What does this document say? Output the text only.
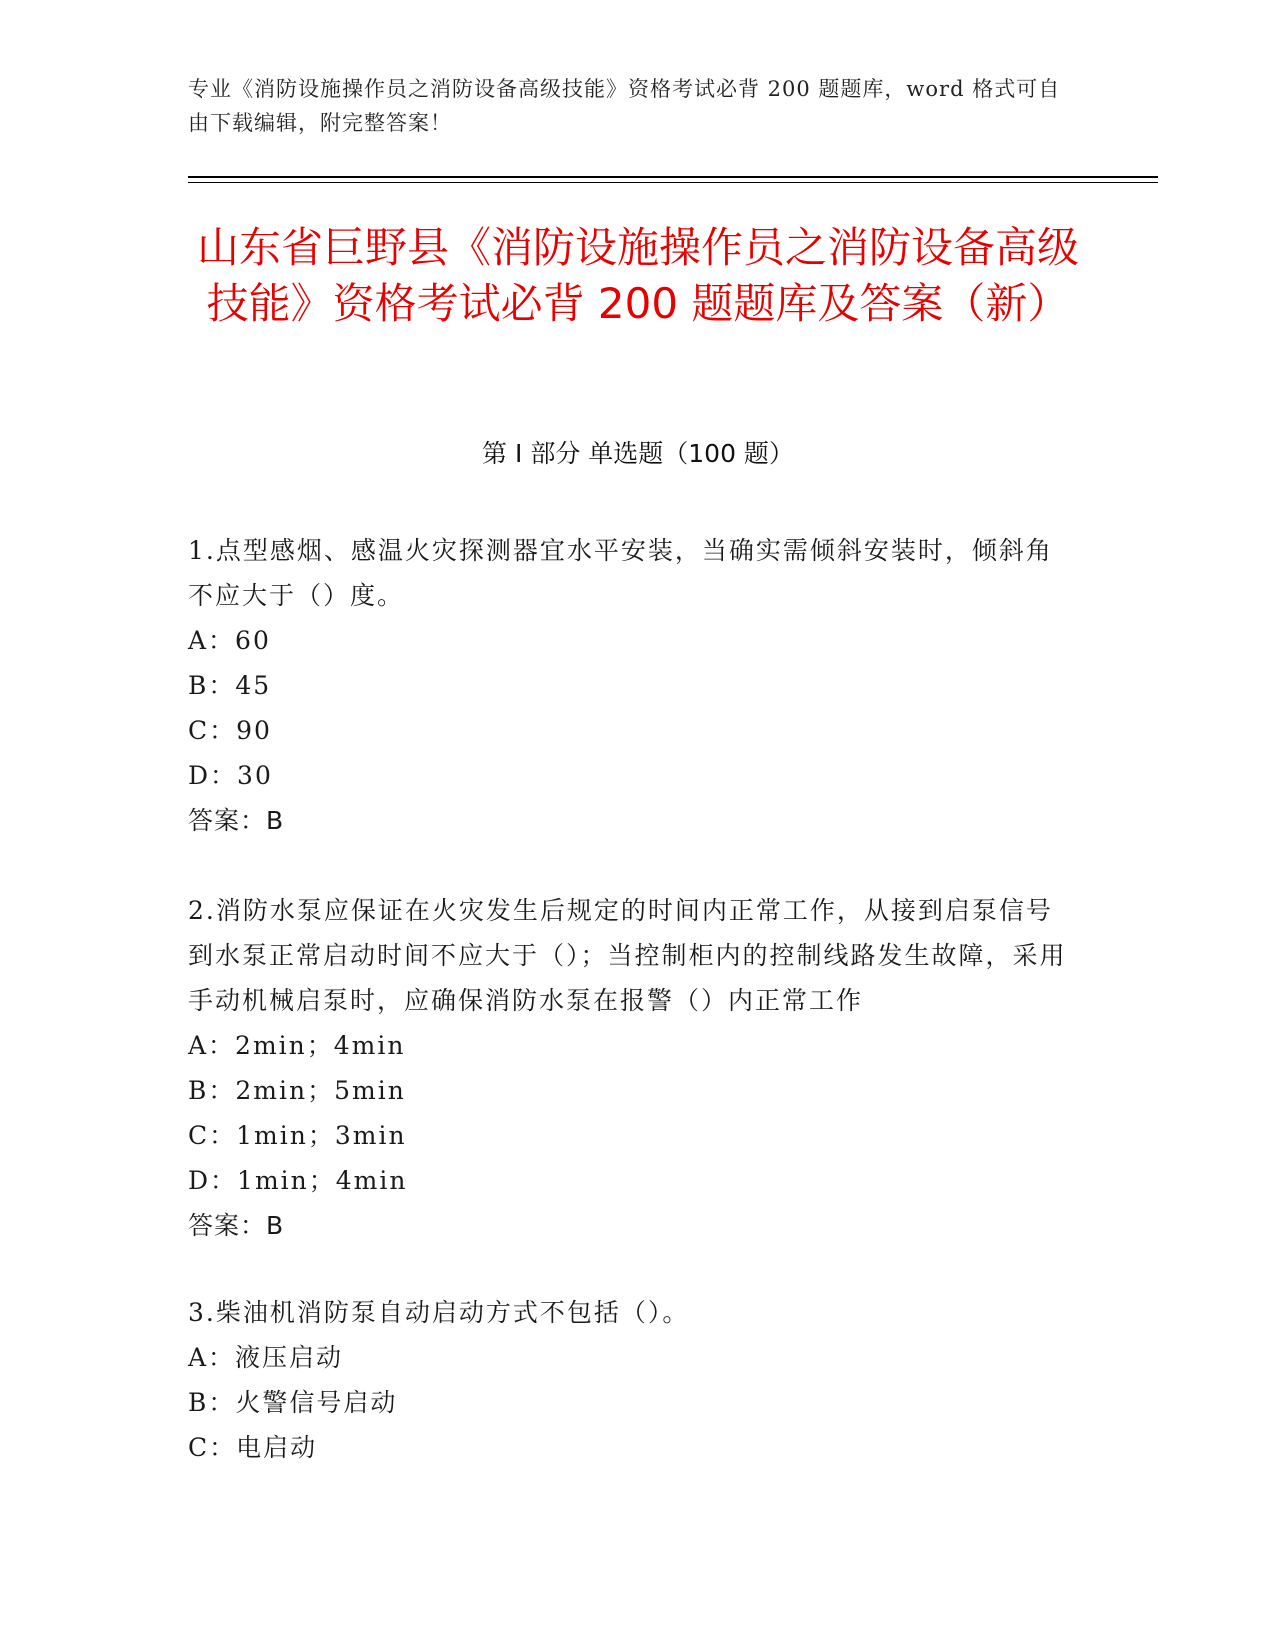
专业《消防设施操作员之消防设备高级技能》资格考试必背 200 题题库，word 格式可自由下载编辑，附完整答案！
山东省巨野县《消防设施操作员之消防设备高级技能》资格考试必背 200 题题库及答案（新）
第 I 部分 单选题（100 题）
1.点型感烟、感温火灾探测器宜水平安装，当确实需倾斜安装时，倾斜角不应大于（）度。
A：60
B：45
C：90
D：30
答案：B
2.消防水泵应保证在火灾发生后规定的时间内正常工作，从接到启泵信号到水泵正常启动时间不应大于（）；当控制柜内的控制线路发生故障，采用手动机械启泵时，应确保消防水泵在报警（）内正常工作
A：2min；4min
B：2min；5min
C：1min；3min
D：1min；4min
答案：B
3.柴油机消防泵自动启动方式不包括（）。
A：液压启动
B：火警信号启动
C：电启动
